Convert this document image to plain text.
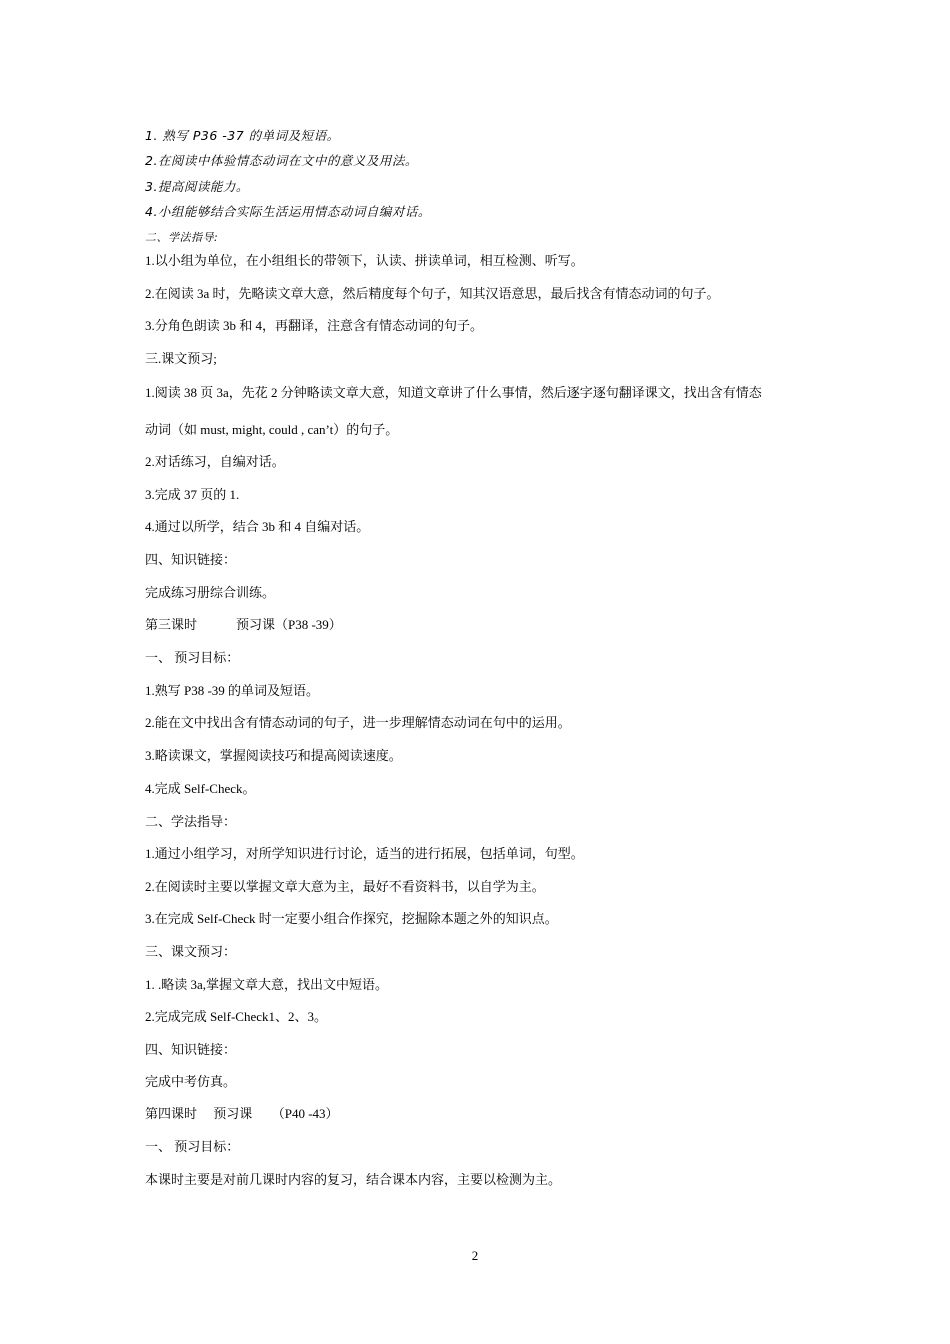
1. 熟写 P36 -37 的单词及短语。
2.在阅读中体验情态动词在文中的意义及用法。
3.提高阅读能力。
4.小组能够结合实际生活运用情态动词自编对话。
二、学法指导:
1.以小组为单位，在小组组长的带领下，认读、拼读单词，相互检测、听写。
2.在阅读 3a 时，先略读文章大意，然后精度每个句子，知其汉语意思，最后找含有情态动词的句子。
3.分角色朗读 3b 和 4，再翻译，注意含有情态动词的句子。
三.课文预习;
1.阅读 38 页 3a，先花 2 分钟略读文章大意，知道文章讲了什么事情，然后逐字逐句翻译课文，找出含有情态
动词（如 must, might, could , can’t）的句子。
2.对话练习，自编对话。
3.完成 37 页的 1.
4.通过以所学，结合 3b 和 4 自编对话。
四、知识链接：
完成练习册综合训练。
第三课时　　　预习课（P38 -39）
一、 预习目标：
1.熟写 P38 -39 的单词及短语。
2.能在文中找出含有情态动词的句子，进一步理解情态动词在句中的运用。
3.略读课文，掌握阅读技巧和提高阅读速度。
4.完成 Self-Check。
二、学法指导：
1.通过小组学习，对所学知识进行讨论，适当的进行拓展，包括单词，句型。
2.在阅读时主要以掌握文章大意为主，最好不看资料书，以自学为主。
3.在完成 Self-Check 时一定要小组合作探究，挖掘除本题之外的知识点。
三、课文预习：
1. .略读 3a,掌握文章大意，找出文中短语。
2.完成完成 Self-Check1、2、3。
四、知识链接：
完成中考仿真。
第四课时　 预习课　　（P40 -43）
一、 预习目标：
本课时主要是对前几课时内容的复习，结合课本内容，主要以检测为主。
2
